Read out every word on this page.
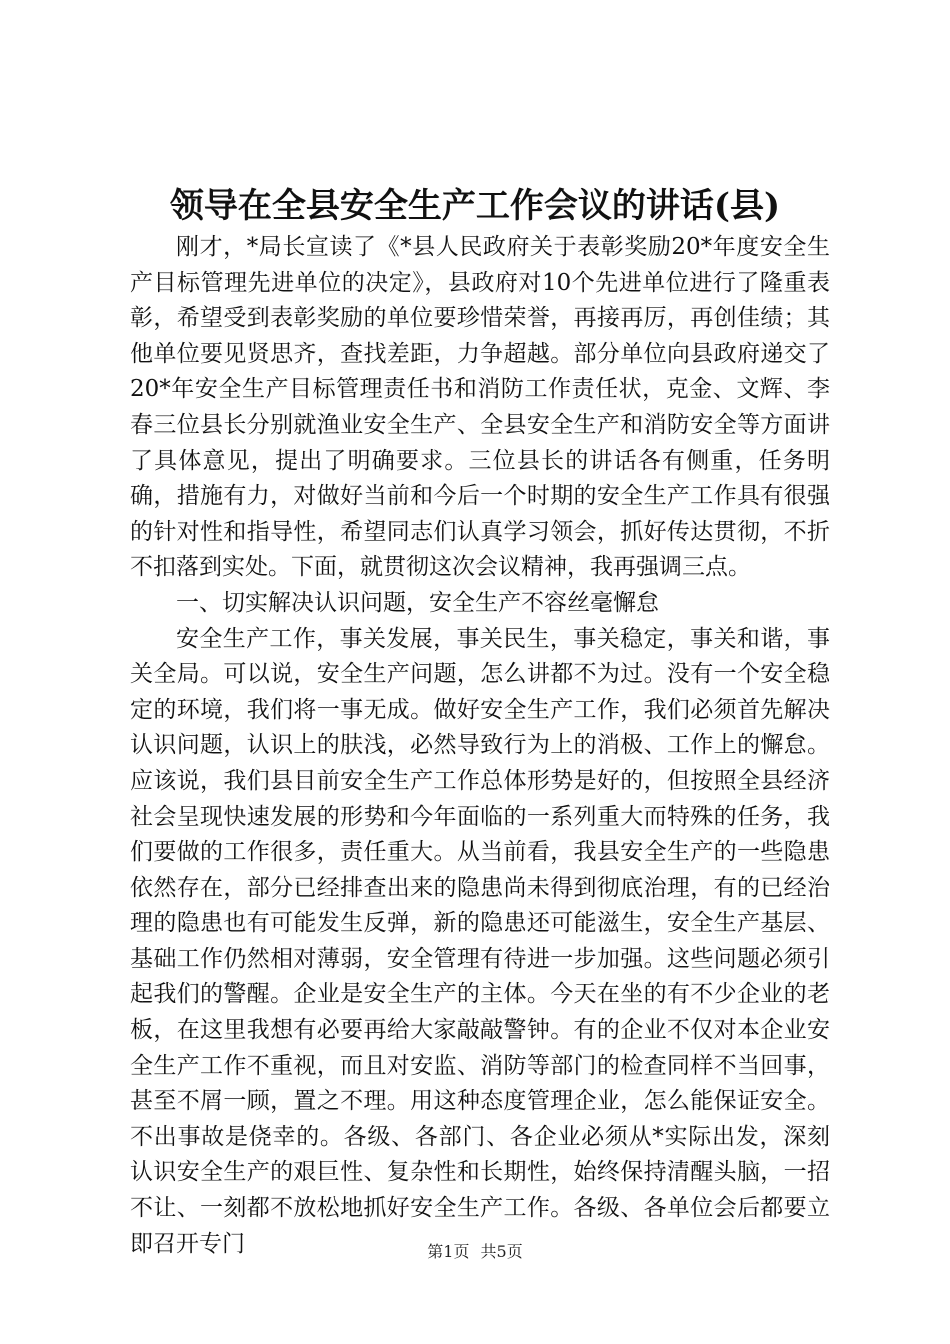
领导在全县安全生产工作会议的讲话(县)

刚才，*局长宣读了《*县人民政府关于表彰奖励20*年度安全生产目标管理先进单位的决定》，县政府对10个先进单位进行了隆重表彰，希望受到表彰奖励的单位要珍惜荣誉，再接再厉，再创佳绩；其他单位要见贤思齐，查找差距，力争超越。部分单位向县政府递交了20*年安全生产目标管理责任书和消防工作责任状，克金、文辉、李春三位县长分别就渔业安全生产、全县安全生产和消防安全等方面讲了具体意见，提出了明确要求。三位县长的讲话各有侧重，任务明确，措施有力，对做好当前和今后一个时期的安全生产工作具有很强的针对性和指导性，希望同志们认真学习领会，抓好传达贯彻，不折不扣落到实处。下面，就贯彻这次会议精神，我再强调三点。

一、切实解决认识问题，安全生产不容丝毫懈怠

安全生产工作，事关发展，事关民生，事关稳定，事关和谐，事关全局。可以说，安全生产问题，怎么讲都不为过。没有一个安全稳定的环境，我们将一事无成。做好安全生产工作，我们必须首先解决认识问题，认识上的肤浅，必然导致行为上的消极、工作上的懈怠。应该说，我们县目前安全生产工作总体形势是好的，但按照全县经济社会呈现快速发展的形势和今年面临的一系列重大而特殊的任务，我们要做的工作很多，责任重大。从当前看，我县安全生产的一些隐患依然存在，部分已经排查出来的隐患尚未得到彻底治理，有的已经治理的隐患也有可能发生反弹，新的隐患还可能滋生，安全生产基层、基础工作仍然相对薄弱，安全管理有待进一步加强。这些问题必须引起我们的警醒。企业是安全生产的主体。今天在坐的有不少企业的老板，在这里我想有必要再给大家敲敲警钟。有的企业不仅对本企业安全生产工作不重视，而且对安监、消防等部门的检查同样不当回事，甚至不屑一顾，置之不理。用这种态度管理企业，怎么能保证安全。不出事故是侥幸的。各级、各部门、各企业必须从*实际出发，深刻认识安全生产的艰巨性、复杂性和长期性，始终保持清醒头脑，一招不让、一刻都不放松地抓好安全生产工作。各级、各单位会后都要立即召开专门	第1页 共5页
